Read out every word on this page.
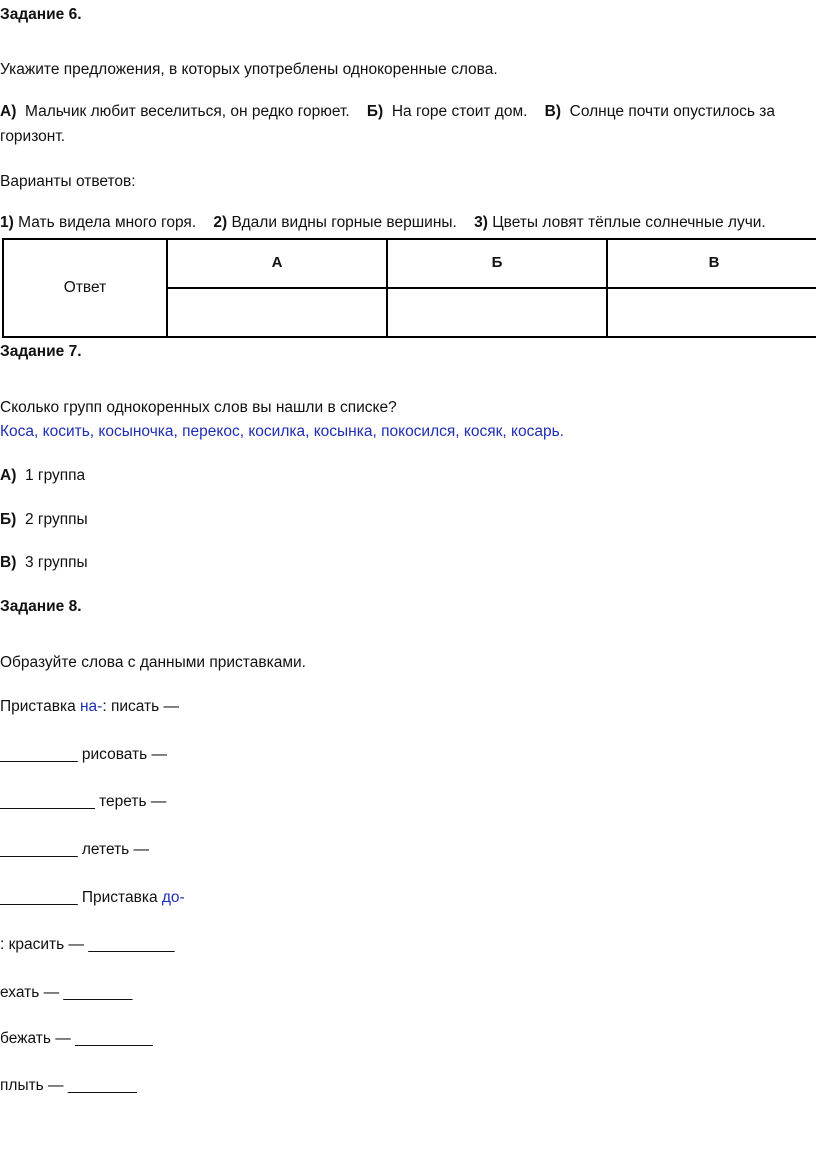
Задание 6.
Укажите предложения, в которых употреблены однокоренные слова.
А) Мальчик любит веселиться, он редко горюет. Б) На горе стоит дом. В) Солнце почти опустилось за
горизонт.
Варианты ответов:
1) Мать видела много горя. 2) Вдали видны горные вершины. 3) Цветы ловят тёплые солнечные лучи.
Ответ	А	Б	В

Задание 7.
Сколько групп однокоренных слов вы нашли в списке?
Коса, косить, косыночка, перекос, косилка, косынка, покосился, косяк, косарь.
А) 1 группа
Б) 2 группы
В) 3 группы
Задание 8.
Образуйте слова с данными приставками.
Приставка на-: писать —
_________ рисовать —
___________ тереть —
_________ лететь —
_________ Приставка до-
: красить — __________
ехать — ________
бежать — _________
плыть — ________
